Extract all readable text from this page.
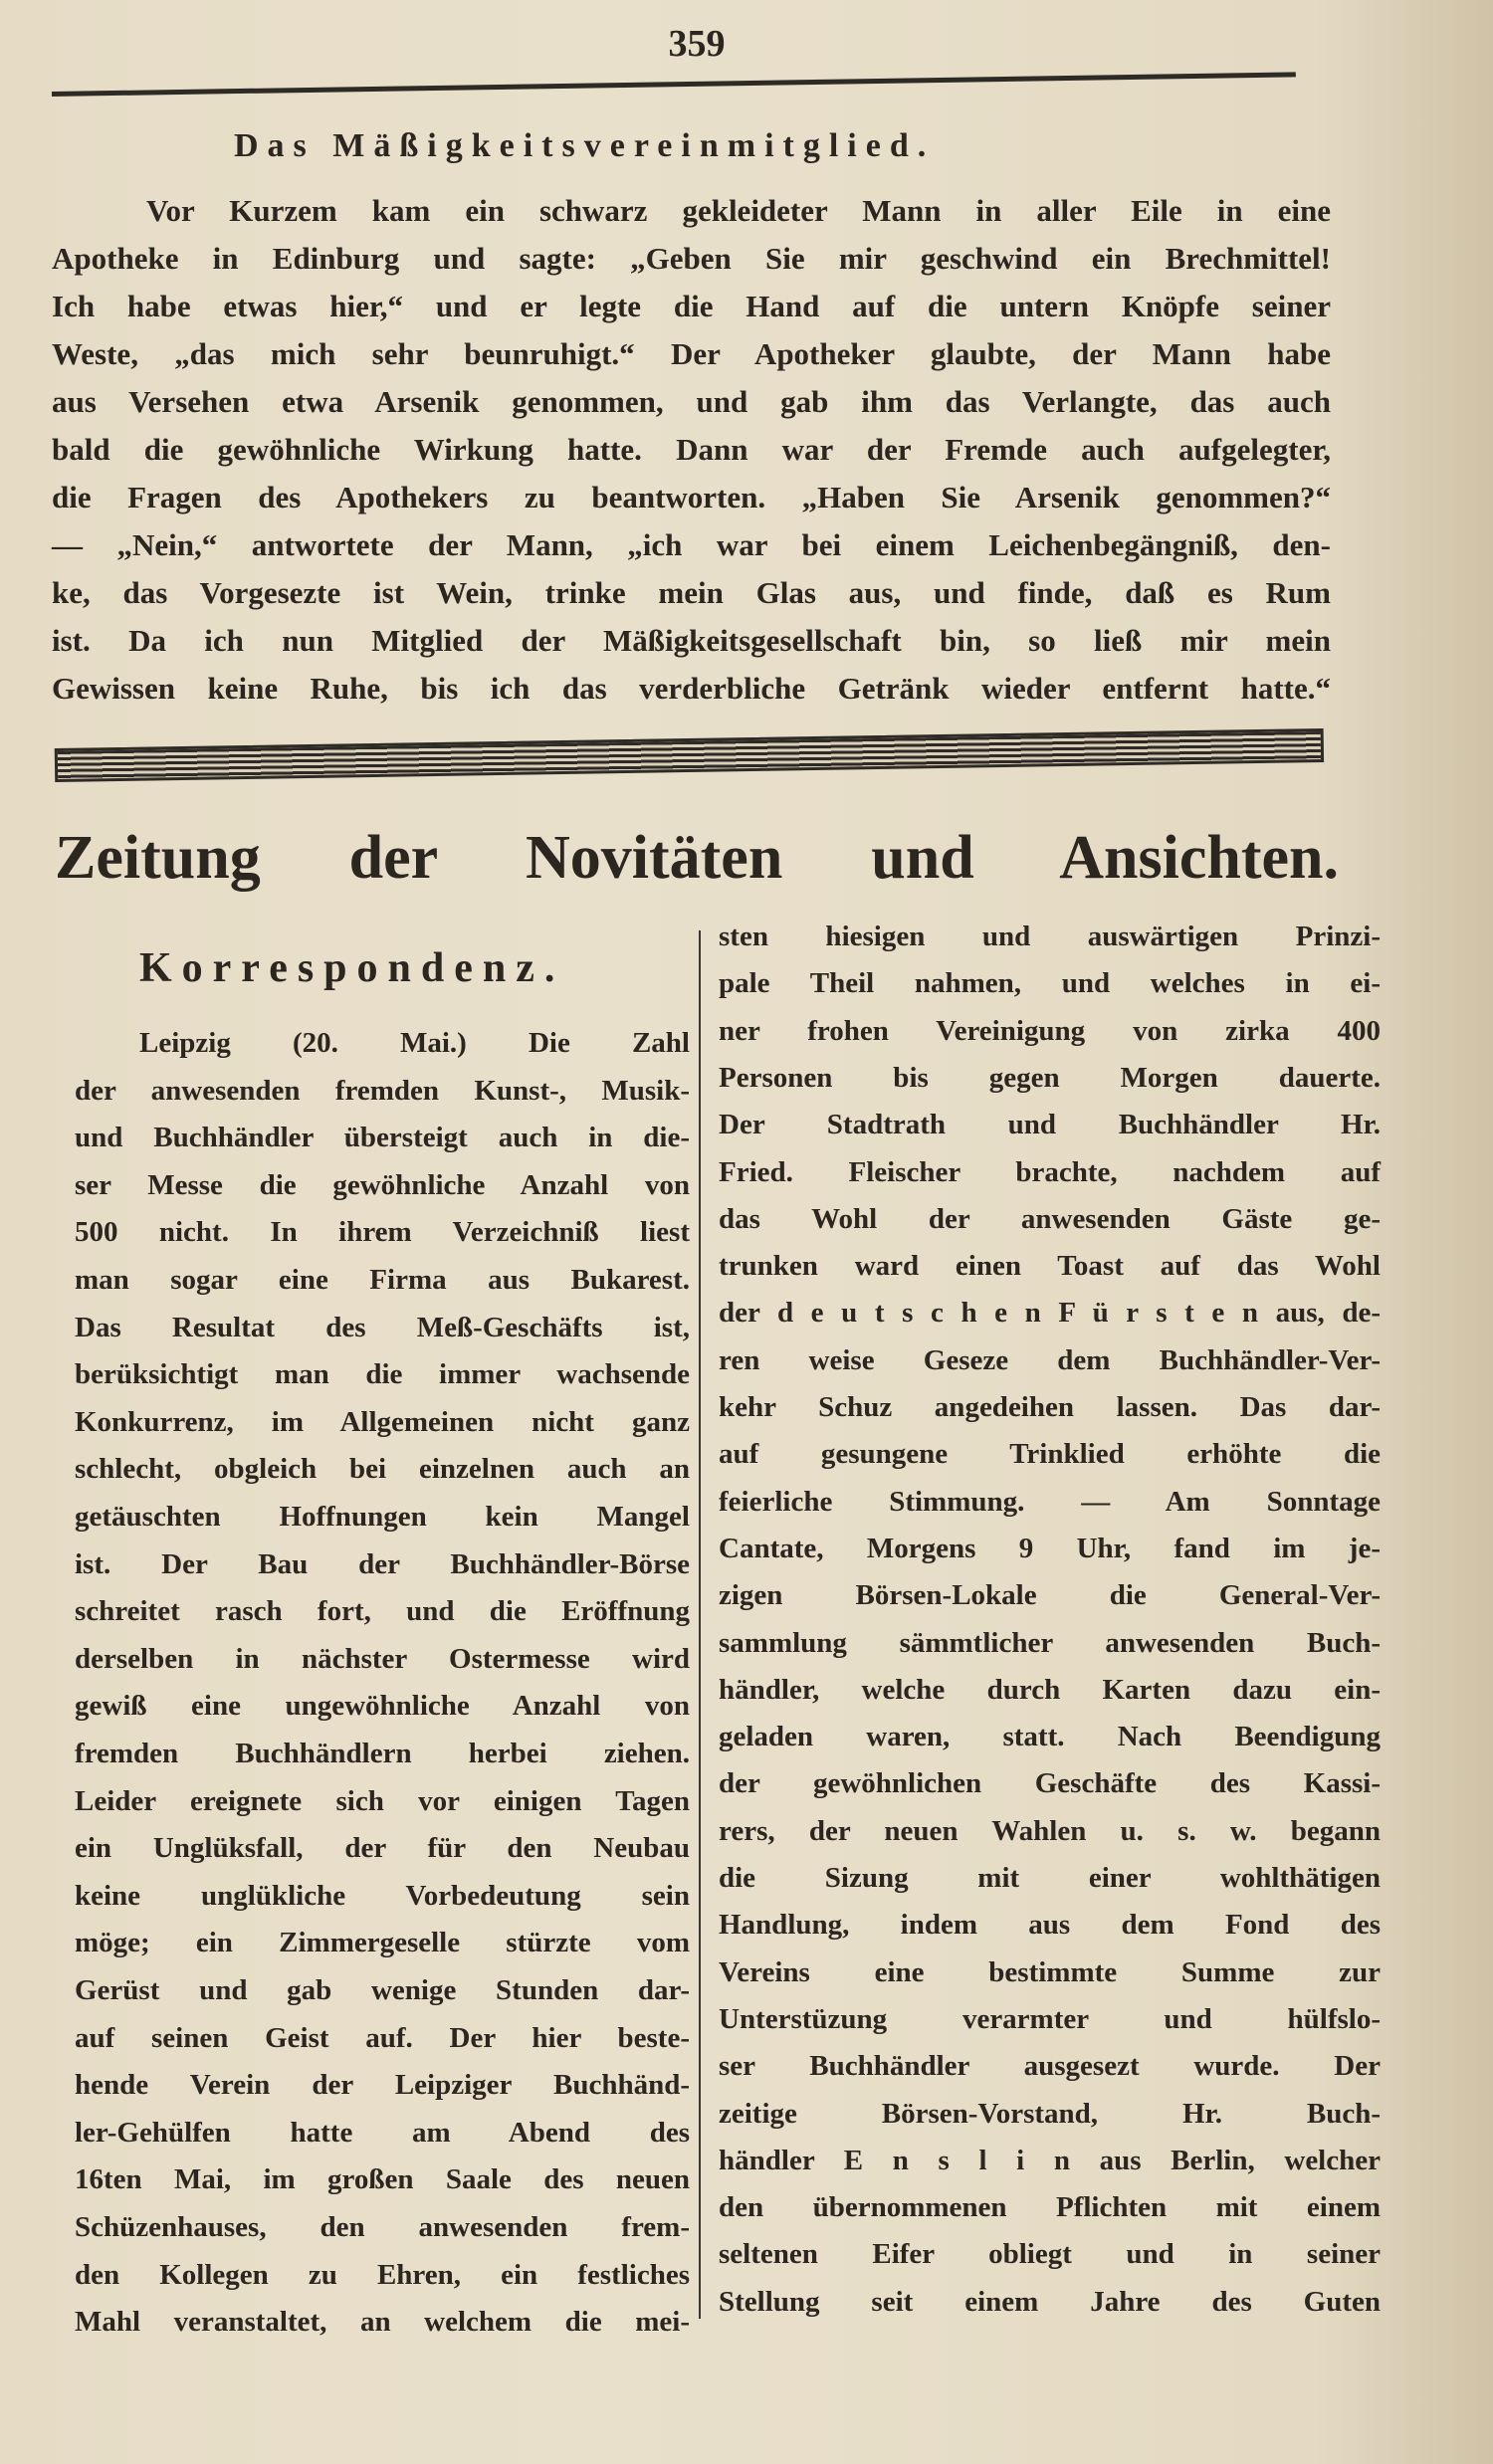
359
Das Mäßigkeitsvereinmitglied.
Vor Kurzem kam ein schwarz gekleideter Mann in aller Eile in eine
Apotheke in Edinburg und sagte: „Geben Sie mir geschwind ein Brechmittel!
Ich habe etwas hier,“ und er legte die Hand auf die untern Knöpfe seiner
Weste, „das mich sehr beunruhigt.“ Der Apotheker glaubte, der Mann habe
aus Versehen etwa Arsenik genommen, und gab ihm das Verlangte, das auch
bald die gewöhnliche Wirkung hatte. Dann war der Fremde auch aufgelegter,
die Fragen des Apothekers zu beantworten. „Haben Sie Arsenik genommen?“
— „Nein,“ antwortete der Mann, „ich war bei einem Leichenbegängniß, den-
ke, das Vorgesezte ist Wein, trinke mein Glas aus, und finde, daß es Rum
ist. Da ich nun Mitglied der Mäßigkeitsgesellschaft bin, so ließ mir mein
Gewissen keine Ruhe, bis ich das verderbliche Getränk wieder entfernt hatte.“
Zeitung der Novitäten und Ansichten.
Korrespondenz.
Leipzig (20. Mai.) Die Zahl
der anwesenden fremden Kunst-, Musik-
und Buchhändler übersteigt auch in die-
ser Messe die gewöhnliche Anzahl von
500 nicht. In ihrem Verzeichniß liest
man sogar eine Firma aus Bukarest.
Das Resultat des Meß-Geschäfts ist,
berüksichtigt man die immer wachsende
Konkurrenz, im Allgemeinen nicht ganz
schlecht, obgleich bei einzelnen auch an
getäuschten Hoffnungen kein Mangel
ist. Der Bau der Buchhändler-Börse
schreitet rasch fort, und die Eröffnung
derselben in nächster Ostermesse wird
gewiß eine ungewöhnliche Anzahl von
fremden Buchhändlern herbei ziehen.
Leider ereignete sich vor einigen Tagen
ein Unglüksfall, der für den Neubau
keine unglükliche Vorbedeutung sein
möge; ein Zimmergeselle stürzte vom
Gerüst und gab wenige Stunden dar-
auf seinen Geist auf. Der hier beste-
hende Verein der Leipziger Buchhänd-
ler-Gehülfen hatte am Abend des
16ten Mai, im großen Saale des neuen
Schüzenhauses, den anwesenden frem-
den Kollegen zu Ehren, ein festliches
Mahl veranstaltet, an welchem die mei-
sten hiesigen und auswärtigen Prinzi-
pale Theil nahmen, und welches in ei-
ner frohen Vereinigung von zirka 400
Personen bis gegen Morgen dauerte.
Der Stadtrath und Buchhändler Hr.
Fried. Fleischer brachte, nachdem auf
das Wohl der anwesenden Gäste ge-
trunken ward einen Toast auf das Wohl
der d e u t s c h e n F ü r s t e n aus, de-
ren weise Geseze dem Buchhändler-Ver-
kehr Schuz angedeihen lassen. Das dar-
auf gesungene Trinklied erhöhte die
feierliche Stimmung. — Am Sonntage
Cantate, Morgens 9 Uhr, fand im je-
zigen Börsen-Lokale die General-Ver-
sammlung sämmtlicher anwesenden Buch-
händler, welche durch Karten dazu ein-
geladen waren, statt. Nach Beendigung
der gewöhnlichen Geschäfte des Kassi-
rers, der neuen Wahlen u. s. w. begann
die Sizung mit einer wohlthätigen
Handlung, indem aus dem Fond des
Vereins eine bestimmte Summe zur
Unterstüzung verarmter und hülfslo-
ser Buchhändler ausgesezt wurde. Der
zeitige Börsen-Vorstand, Hr. Buch-
händler E n s l i n aus Berlin, welcher
den übernommenen Pflichten mit einem
seltenen Eifer obliegt und in seiner
Stellung seit einem Jahre des Guten
